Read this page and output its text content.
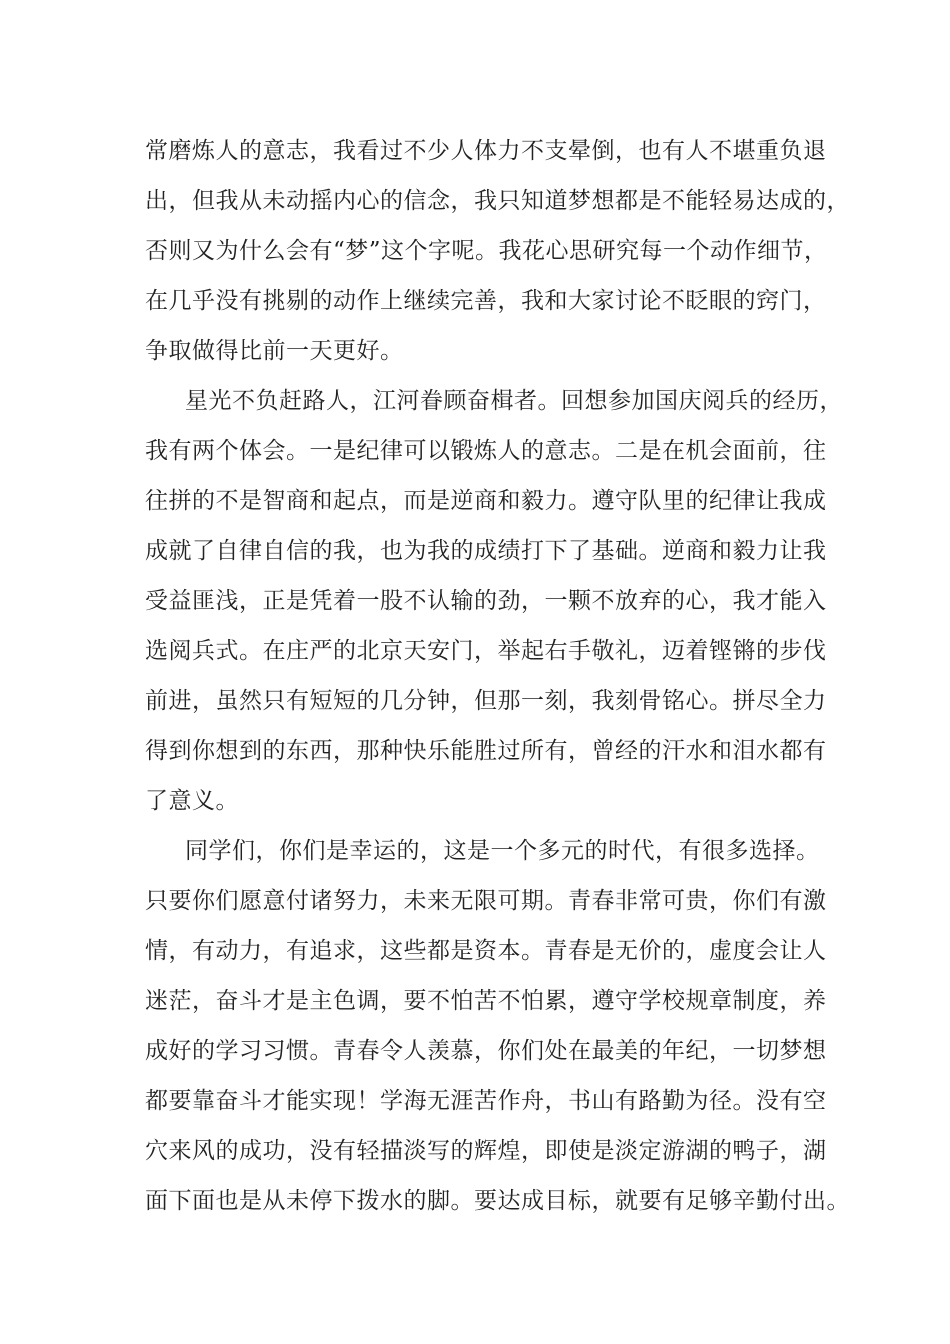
常磨炼人的意志，我看过不少人体力不支晕倒，也有人不堪重负退
出，但我从未动摇内心的信念，我只知道梦想都是不能轻易达成的，
否则又为什么会有“梦”这个字呢。我花心思研究每一个动作细节，
在几乎没有挑剔的动作上继续完善，我和大家讨论不眨眼的窍门，
争取做得比前一天更好。
星光不负赶路人，江河眷顾奋楫者。回想参加国庆阅兵的经历，
我有两个体会。一是纪律可以锻炼人的意志。二是在机会面前，往
往拼的不是智商和起点，而是逆商和毅力。遵守队里的纪律让我成
成就了自律自信的我，也为我的成绩打下了基础。逆商和毅力让我
受益匪浅，正是凭着一股不认输的劲，一颗不放弃的心，我才能入
选阅兵式。在庄严的北京天安门，举起右手敬礼，迈着铿锵的步伐
前进，虽然只有短短的几分钟，但那一刻，我刻骨铭心。拼尽全力
得到你想到的东西，那种快乐能胜过所有，曾经的汗水和泪水都有
了意义。
同学们，你们是幸运的，这是一个多元的时代，有很多选择。
只要你们愿意付诸努力，未来无限可期。青春非常可贵，你们有激
情，有动力，有追求，这些都是资本。青春是无价的，虚度会让人
迷茫，奋斗才是主色调，要不怕苦不怕累，遵守学校规章制度，养
成好的学习习惯。青春令人羡慕，你们处在最美的年纪，一切梦想
都要靠奋斗才能实现！学海无涯苦作舟，书山有路勤为径。没有空
穴来风的成功，没有轻描淡写的辉煌，即使是淡定游湖的鸭子，湖
面下面也是从未停下拨水的脚。要达成目标，就要有足够辛勤付出。
